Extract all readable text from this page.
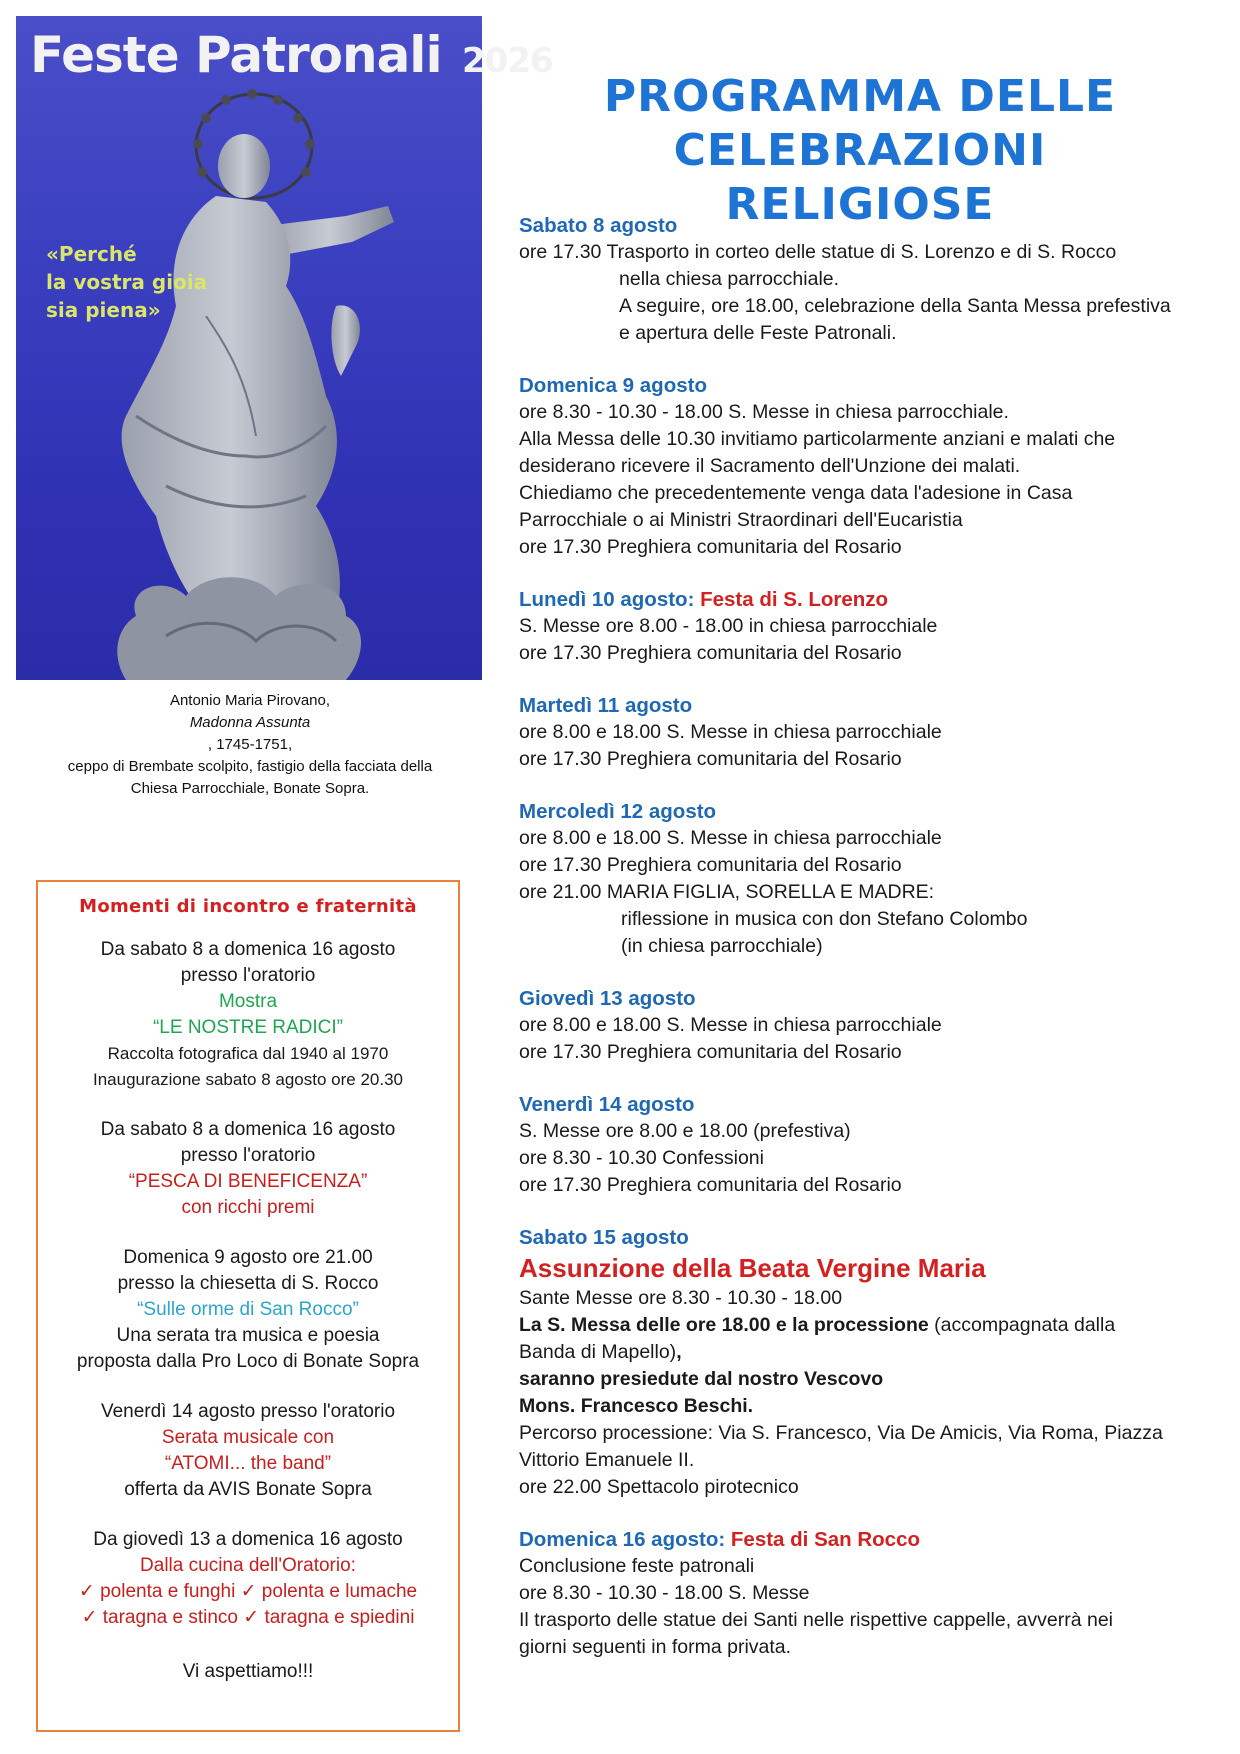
Feste Patronali 2026
«Perché
la vostra gioia
sia piena»
Antonio Maria Pirovano,
Madonna Assunta
, 1745-1751,
ceppo di Brembate scolpito, fastigio della facciata della
Chiesa Parrocchiale, Bonate Sopra.
Momenti di incontro e fraternità
Da sabato 8 a domenica 16 agosto
presso l'oratorio
Mostra
“LE NOSTRE RADICI”
Raccolta fotografica dal 1940 al 1970
Inaugurazione sabato 8 agosto ore 20.30
Da sabato 8 a domenica 16 agosto
presso l'oratorio
“PESCA DI BENEFICENZA”
con ricchi premi
Domenica 9 agosto ore 21.00
presso la chiesetta di S. Rocco
“Sulle orme di San Rocco”
Una serata tra musica e poesia
proposta dalla Pro Loco di Bonate Sopra
Venerdì 14 agosto presso l'oratorio
Serata musicale con
“ATOMI... the band”
offerta da AVIS Bonate Sopra
Da giovedì 13 a domenica 16 agosto
Dalla cucina dell'Oratorio:
✓ polenta e funghi ✓ polenta e lumache
✓ taragna e stinco ✓ taragna e spiedini
Vi aspettiamo!!!
PROGRAMMA DELLE
CELEBRAZIONI RELIGIOSE
Sabato 8 agosto
ore 17.30 Trasporto in corteo delle statue di S. Lorenzo e di S. Rocco
nella chiesa parrocchiale.
A seguire, ore 18.00, celebrazione della Santa Messa prefestiva
e apertura delle Feste Patronali.
Domenica 9 agosto
ore 8.30 - 10.30 - 18.00 S. Messe in chiesa parrocchiale.
Alla Messa delle 10.30 invitiamo particolarmente anziani e malati che
desiderano ricevere il Sacramento dell'Unzione dei malati.
Chiediamo che precedentemente venga data l'adesione in Casa
Parrocchiale o ai Ministri Straordinari dell'Eucaristia
ore 17.30 Preghiera comunitaria del Rosario
Lunedì 10 agosto: Festa di S. Lorenzo
S. Messe ore 8.00 - 18.00 in chiesa parrocchiale
ore 17.30 Preghiera comunitaria del Rosario
Martedì 11 agosto
ore 8.00 e 18.00 S. Messe in chiesa parrocchiale
ore 17.30 Preghiera comunitaria del Rosario
Mercoledì 12 agosto
ore 8.00 e 18.00 S. Messe in chiesa parrocchiale
ore 17.30 Preghiera comunitaria del Rosario
ore 21.00 MARIA FIGLIA, SORELLA E MADRE:
riflessione in musica con don Stefano Colombo
(in chiesa parrocchiale)
Giovedì 13 agosto
ore 8.00 e 18.00 S. Messe in chiesa parrocchiale
ore 17.30 Preghiera comunitaria del Rosario
Venerdì 14 agosto
S. Messe ore 8.00 e 18.00 (prefestiva)
ore 8.30 - 10.30 Confessioni
ore 17.30 Preghiera comunitaria del Rosario
Sabato 15 agosto
Assunzione della Beata Vergine Maria
Sante Messe ore 8.30 - 10.30 - 18.00
La S. Messa delle ore 18.00 e la processione (accompagnata dalla
Banda di Mapello),
saranno presiedute dal nostro Vescovo
Mons. Francesco Beschi.
Percorso processione: Via S. Francesco, Via De Amicis, Via Roma, Piazza
Vittorio Emanuele II.
ore 22.00 Spettacolo pirotecnico
Domenica 16 agosto: Festa di San Rocco
Conclusione feste patronali
ore 8.30 - 10.30 - 18.00 S. Messe
Il trasporto delle statue dei Santi nelle rispettive cappelle, avverrà nei
giorni seguenti in forma privata.
